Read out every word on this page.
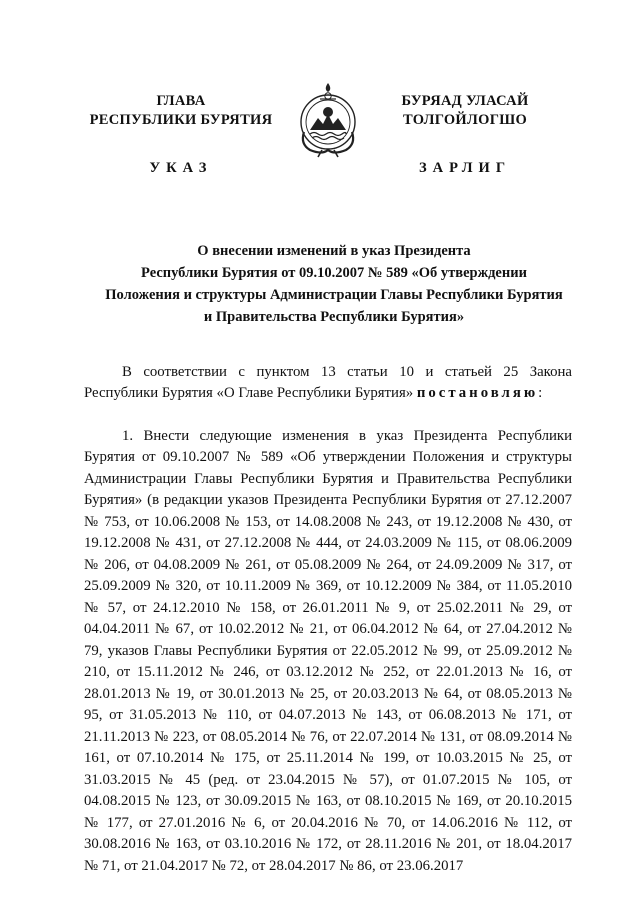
ГЛАВА
РЕСПУБЛИКИ БУРЯТИЯ
УКАЗ
БУРЯАД УЛАСАЙ
ТОЛГОЙЛОГШО
ЗАРЛИГ
О внесении изменений в указ Президента
Республики Бурятия от 09.10.2007 № 589 «Об утверждении
Положения и структуры Администрации Главы Республики Бурятия
и Правительства Республики Бурятия»

В соответствии с пунктом 13 статьи 10 и статьей 25 Закона Республики Бурятия «О Главе Республики Бурятия» постановляю:

1. Внести следующие изменения в указ Президента Республики Бурятия от 09.10.2007 № 589 «Об утверждении Положения и структуры Администрации Главы Республики Бурятия и Правительства Республики Бурятия» (в редакции указов Президента Республики Бурятия от 27.12.2007 № 753, от 10.06.2008 № 153, от 14.08.2008 № 243, от 19.12.2008 № 430, от 19.12.2008 № 431, от 27.12.2008 № 444, от 24.03.2009 № 115, от 08.06.2009 № 206, от 04.08.2009 № 261, от 05.08.2009 № 264, от 24.09.2009 № 317, от 25.09.2009 № 320, от 10.11.2009 № 369, от 10.12.2009 № 384, от 11.05.2010 № 57, от 24.12.2010 № 158, от 26.01.2011 № 9, от 25.02.2011 № 29, от 04.04.2011 № 67, от 10.02.2012 № 21, от 06.04.2012 № 64, от 27.04.2012 № 79, указов Главы Республики Бурятия от 22.05.2012 № 99, от 25.09.2012 № 210, от 15.11.2012 № 246, от 03.12.2012 № 252, от 22.01.2013 № 16, от 28.01.2013 № 19, от 30.01.2013 № 25, от 20.03.2013 № 64, от 08.05.2013 № 95, от 31.05.2013 № 110, от 04.07.2013 № 143, от 06.08.2013 № 171, от 21.11.2013 № 223, от 08.05.2014 № 76, от 22.07.2014 № 131, от 08.09.2014 № 161, от 07.10.2014 № 175, от 25.11.2014 № 199, от 10.03.2015 № 25, от 31.03.2015 № 45 (ред. от 23.04.2015 № 57), от 01.07.2015 № 105, от 04.08.2015 № 123, от 30.09.2015 № 163, от 08.10.2015 № 169, от 20.10.2015 № 177, от 27.01.2016 № 6, от 20.04.2016 № 70, от 14.06.2016 № 112, от 30.08.2016 № 163, от 03.10.2016 № 172, от 28.11.2016 № 201, от 18.04.2017 № 71, от 21.04.2017 № 72, от 28.04.2017 № 86, от 23.06.2017
